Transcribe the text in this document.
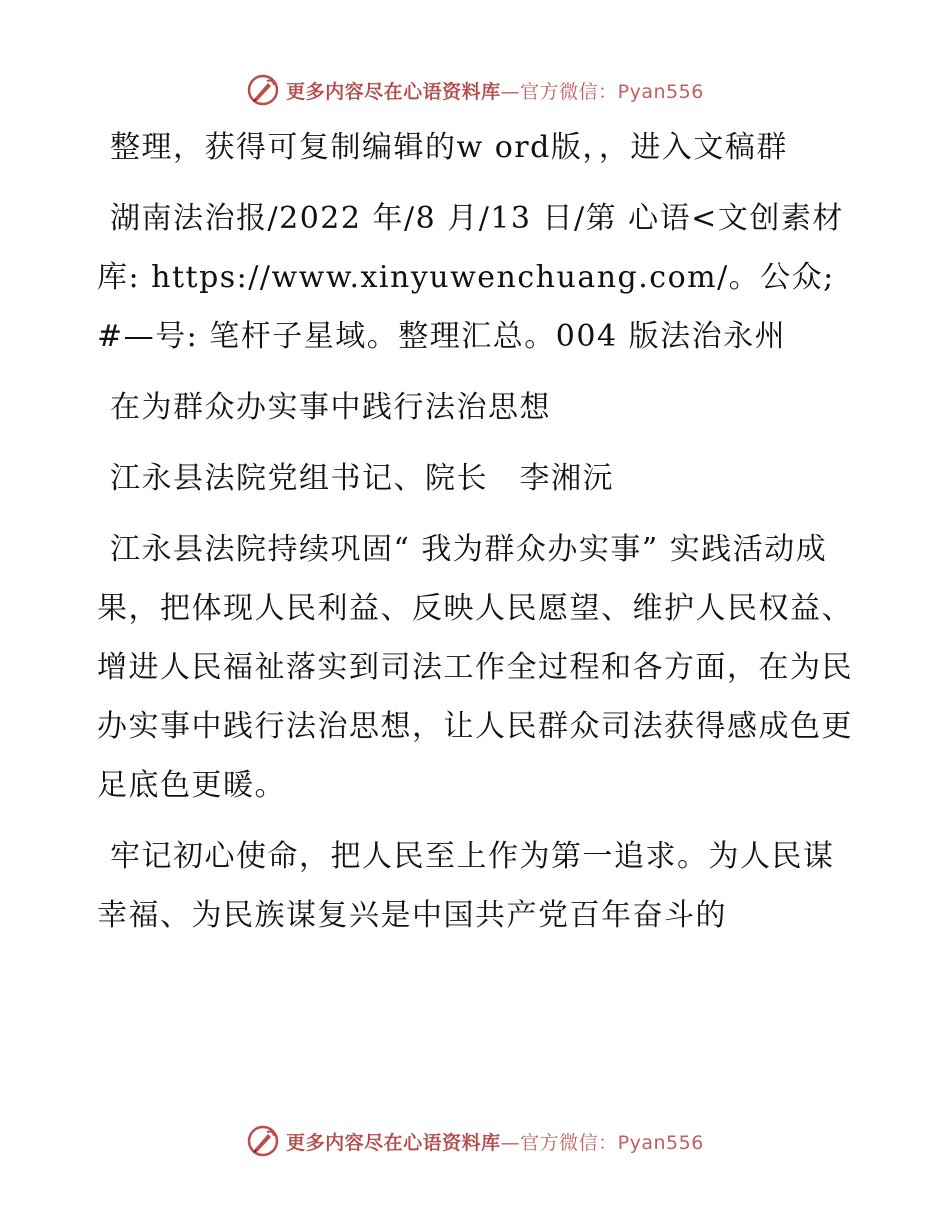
更多内容尽在心语资料库—官方微信：Pyan556

整理，获得可复制编辑的w ord版，，进入文稿群

湖南法治报/2022 年/8 月/13 日/第 心语<文创素材库: https://www.xinyuwenchuang.com/。公众;#—号: 笔杆子星域。整理汇总。004 版法治永州

在为群众办实事中践行法治思想

江永县法院党组书记、院长　李湘沅

江永县法院持续巩固“ 我为群众办实事” 实践活动成果，把体现人民利益、反映人民愿望、维护人民权益、增进人民福祉落实到司法工作全过程和各方面，在为民办实事中践行法治思想，让人民群众司法获得感成色更足底色更暖。

牢记初心使命，把人民至上作为第一追求。为人民谋幸福、为民族谋复兴是中国共产党百年奋斗的

更多内容尽在心语资料库—官方微信：Pyan556
